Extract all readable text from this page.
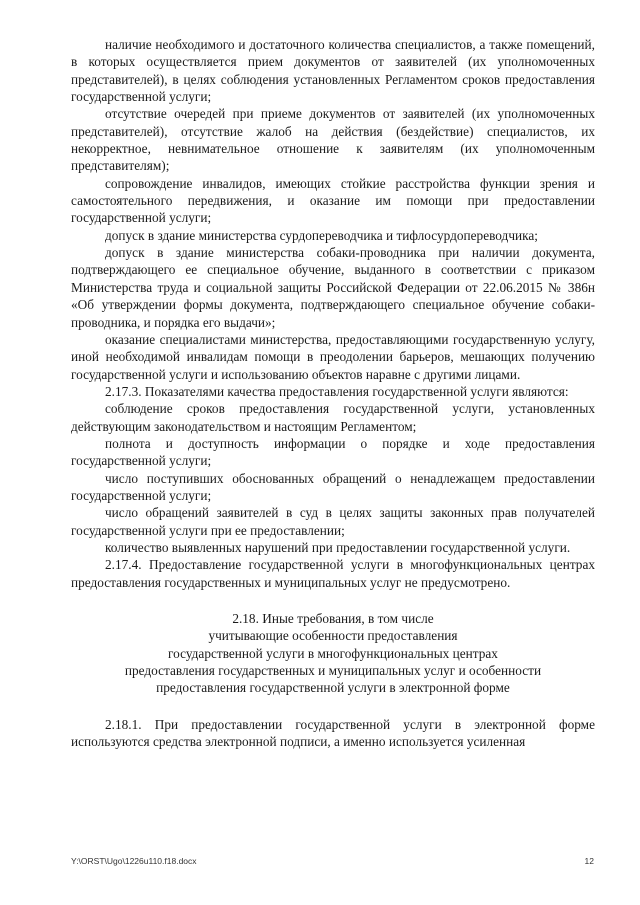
наличие необходимого и достаточного количества специалистов, а также помещений, в которых осуществляется прием документов от заявителей (их уполномоченных представителей), в целях соблюдения установленных Регламентом сроков предоставления государственной услуги;

отсутствие очередей при приеме документов от заявителей (их уполномоченных представителей), отсутствие жалоб на действия (бездействие) специалистов, их некорректное, невнимательное отношение к заявителям (их уполномоченным представителям);

сопровождение инвалидов, имеющих стойкие расстройства функции зрения и самостоятельного передвижения, и оказание им помощи при предоставлении государственной услуги;

допуск в здание министерства сурдопереводчика и тифлосурдопереводчика;

допуск в здание министерства собаки-проводника при наличии документа, подтверждающего ее специальное обучение, выданного в соответствии с приказом Министерства труда и социальной защиты Российской Федерации от 22.06.2015 № 386н «Об утверждении формы документа, подтверждающего специальное обучение собаки-проводника, и порядка его выдачи»;

оказание специалистами министерства, предоставляющими государственную услугу, иной необходимой инвалидам помощи в преодолении барьеров, мешающих получению государственной услуги и использованию объектов наравне с другими лицами.

2.17.3. Показателями качества предоставления государственной услуги являются:

соблюдение сроков предоставления государственной услуги, установленных действующим законодательством и настоящим Регламентом;

полнота и доступность информации о порядке и ходе предоставления государственной услуги;

число поступивших обоснованных обращений о ненадлежащем предоставлении государственной услуги;

число обращений заявителей в суд в целях защиты законных прав получателей государственной услуги при ее предоставлении;

количество выявленных нарушений при предоставлении государственной услуги.

2.17.4. Предоставление государственной услуги в многофункциональных центрах предоставления государственных и муниципальных услуг не предусмотрено.

2.18. Иные требования, в том числе
учитывающие особенности предоставления
государственной услуги в многофункциональных центрах
предоставления государственных и муниципальных услуг и особенности
предоставления государственной услуги в электронной форме

2.18.1. При предоставлении государственной услуги в электронной форме используются средства электронной подписи, а именно используется усиленная

Y:\ORST\Ugo\1226u110.f18.docx	12
